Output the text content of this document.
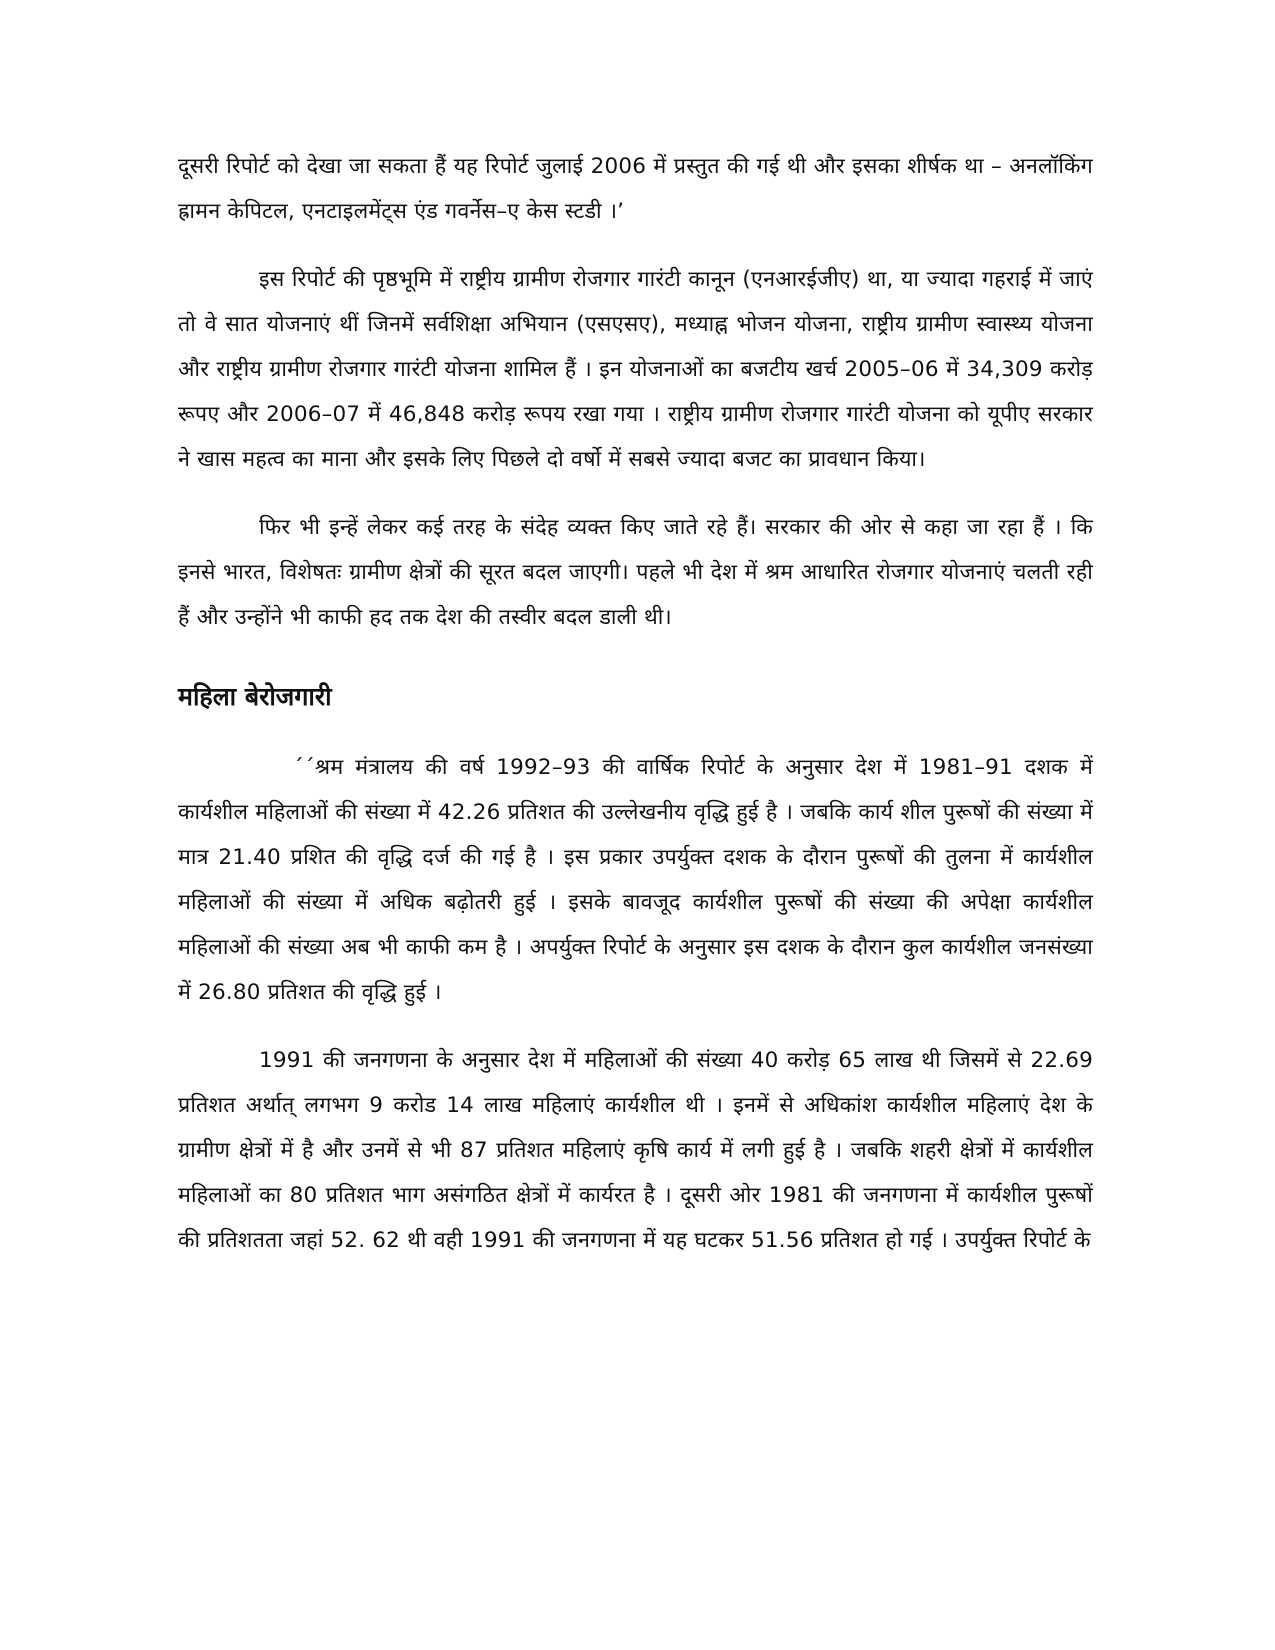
दूसरी रिपोर्ट को देखा जा सकता हैं यह रिपोर्ट जुलाई 2006 में प्रस्तुत की गई थी और इसका शीर्षक था – अनलॉकिंग ह्रामन केपिटल, एनटाइलमेंट्स एंड गवर्नेस–ए केस स्टडी ।’

इस रिपोर्ट की पृष्ठभूमि में राष्ट्रीय ग्रामीण रोजगार गारंटी कानून (एनआरईजीए) था, या ज्यादा गहराई में जाएं तो वे सात योजनाएं थीं जिनमें सर्वशिक्षा अभियान (एसएसए), मध्याह्न भोजन योजना, राष्ट्रीय ग्रामीण स्वास्थ्य योजना और राष्ट्रीय ग्रामीण रोजगार गारंटी योजना शामिल हैं । इन योजनाओं का बजटीय खर्च 2005–06 में 34,309 करोड़ रूपए और 2006–07 में 46,848 करोड़ रूपय रखा गया । राष्ट्रीय ग्रामीण रोजगार गारंटी योजना को यूपीए सरकार ने खास महत्व का माना और इसके लिए पिछले दो वर्षो में सबसे ज्यादा बजट का प्रावधान किया।

फिर भी इन्हें लेकर कई तरह के संदेह व्यक्त किए जाते रहे हैं। सरकार की ओर से कहा जा रहा हैं । कि इनसे भारत, विशेषतः ग्रामीण क्षेत्रों की सूरत बदल जाएगी। पहले भी देश में श्रम आधारित रोजगार योजनाएं चलती रही हैं और उन्होंने भी काफी हद तक देश की तस्वीर बदल डाली थी।

महिला बेरोजगारी

´´श्रम मंत्रालय की वर्ष 1992–93 की वार्षिक रिपोर्ट के अनुसार देश में 1981–91 दशक में कार्यशील महिलाओं की संख्या में 42.26 प्रतिशत की उल्लेखनीय वृद्धि हुई है । जबकि कार्य शील पुरूषों की संख्या में मात्र 21.40 प्रशित की वृद्धि दर्ज की गई है । इस प्रकार उपर्युक्त दशक के दौरान पुरूषों की तुलना में कार्यशील महिलाओं की संख्या में अधिक बढ़ोतरी हुई । इसके बावजूद कार्यशील पुरूषों की संख्या की अपेक्षा कार्यशील महिलाओं की संख्या अब भी काफी कम है । अपर्युक्त रिपोर्ट के अनुसार इस दशक के दौरान कुल कार्यशील जनसंख्या में 26.80 प्रतिशत की वृद्धि हुई ।

1991 की जनगणना के अनुसार देश में महिलाओं की संख्या 40 करोड़ 65 लाख थी जिसमें से 22.69 प्रतिशत अर्थात् लगभग 9 करोड 14 लाख महिलाएं कार्यशील थी । इनमें से अधिकांश कार्यशील महिलाएं देश के ग्रामीण क्षेत्रों में है और उनमें से भी 87 प्रतिशत महिलाएं कृषि कार्य में लगी हुई है । जबकि शहरी क्षेत्रों में कार्यशील महिलाओं का 80 प्रतिशत भाग असंगठित क्षेत्रों में कार्यरत है । दूसरी ओर 1981 की जनगणना में कार्यशील पुरूषों की प्रतिशतता जहां 52. 62 थी वही 1991 की जनगणना में यह घटकर 51.56 प्रतिशत हो गई । उपर्युक्त रिपोर्ट के
